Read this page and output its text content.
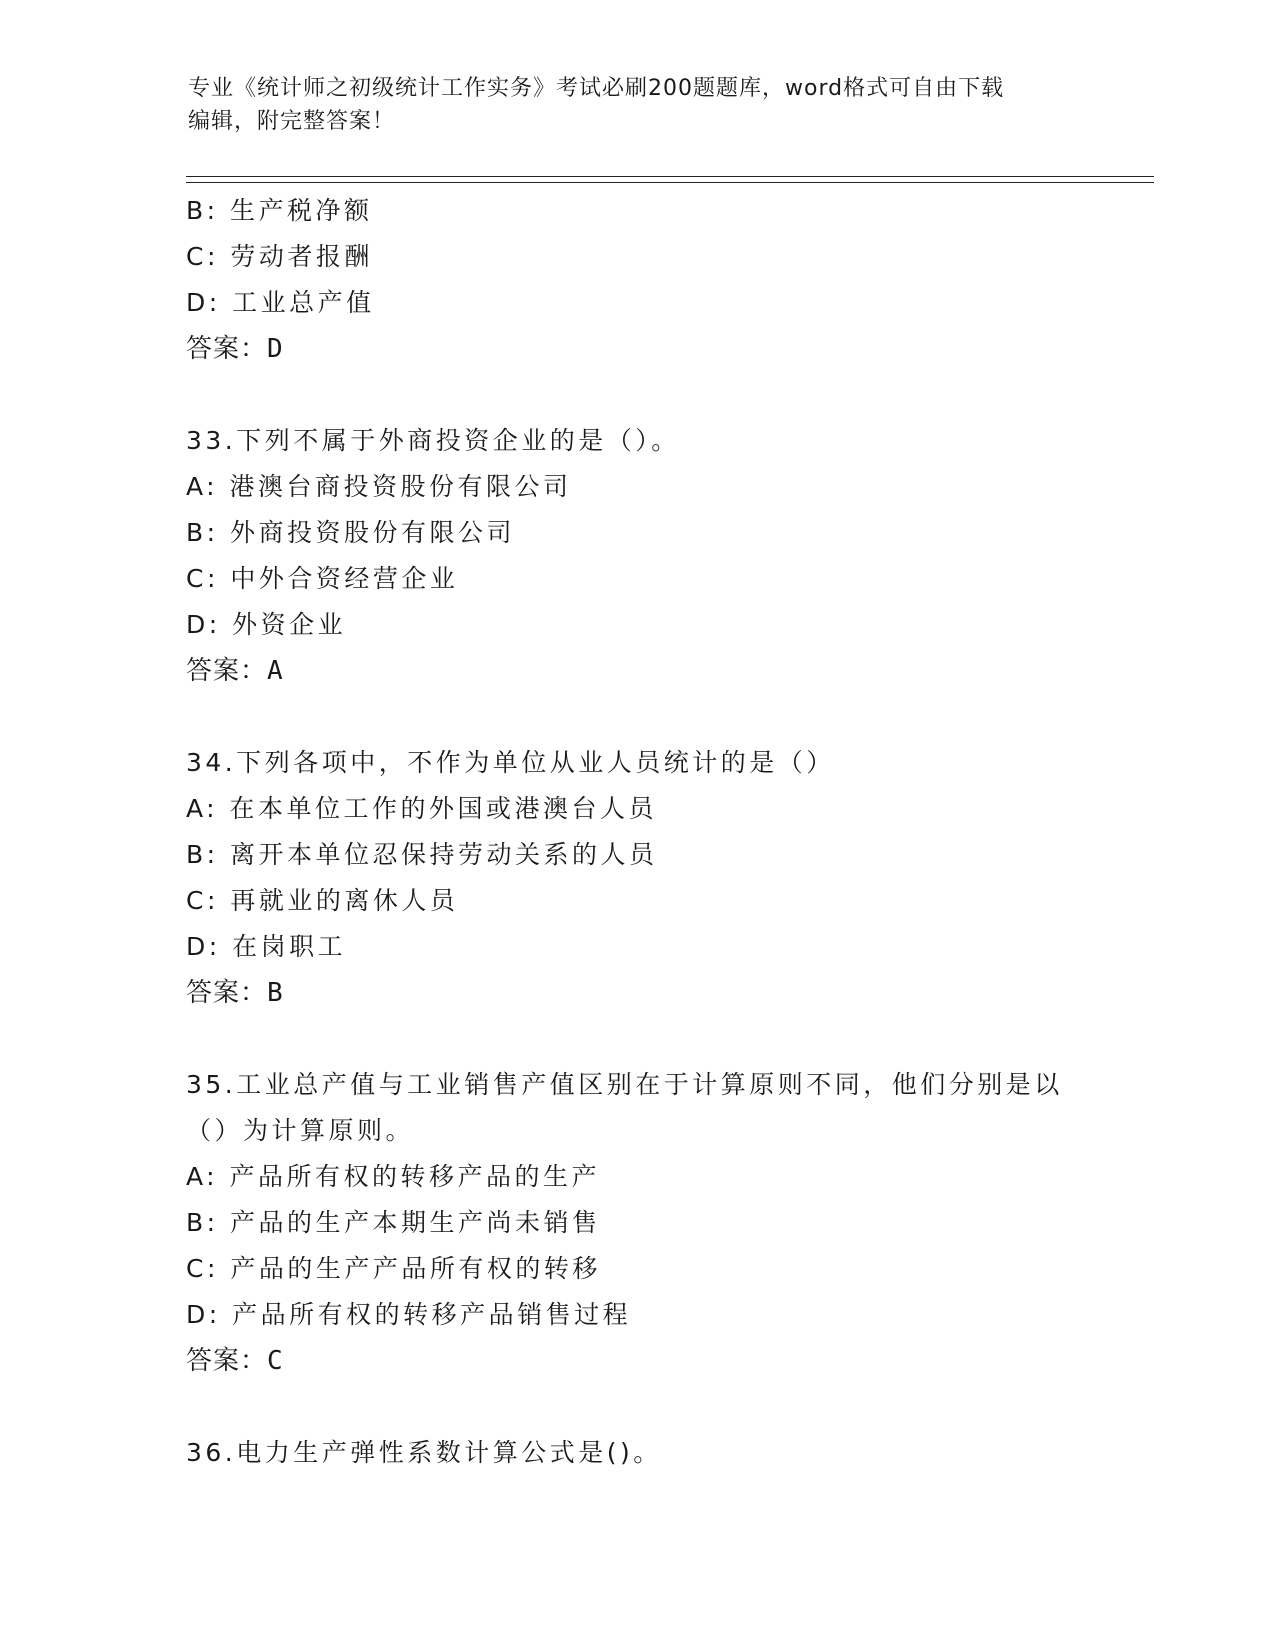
专业《统计师之初级统计工作实务》考试必刷200题题库，word格式可自由下载
编辑，附完整答案！
B: 生产税净额
C: 劳动者报酬
D: 工业总产值
答案：D
33.下列不属于外商投资企业的是（）。
A: 港澳台商投资股份有限公司
B: 外商投资股份有限公司
C: 中外合资经营企业
D: 外资企业
答案：A
34.下列各项中，不作为单位从业人员统计的是（）
A: 在本单位工作的外国或港澳台人员
B: 离开本单位忍保持劳动关系的人员
C: 再就业的离休人员
D: 在岗职工
答案：B
35.工业总产值与工业销售产值区别在于计算原则不同，他们分别是以
（）为计算原则。
A: 产品所有权的转移产品的生产
B: 产品的生产本期生产尚未销售
C: 产品的生产产品所有权的转移
D: 产品所有权的转移产品销售过程
答案：C
36.电力生产弹性系数计算公式是()。
